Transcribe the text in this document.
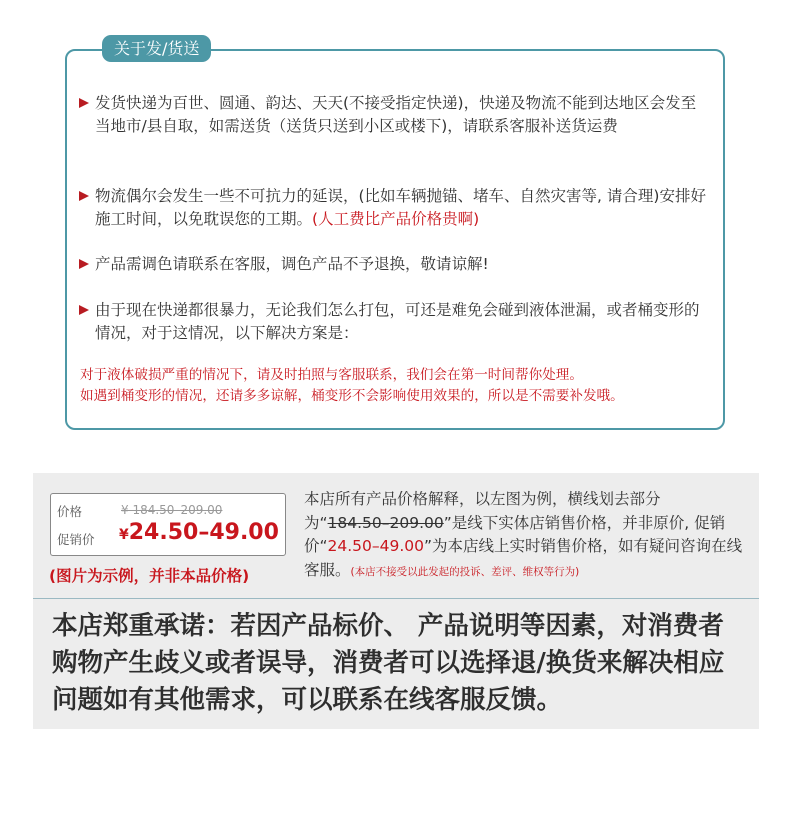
关于发/货送
发货快递为百世、圆通、韵达、天天(不接受指定快递)，快递及物流不能到达地区会发至当地市/县自取，如需送货（送货只送到小区或楼下)，请联系客服补送货运费
物流偶尔会发生一些不可抗力的延误，(比如车辆抛锚、堵车、自然灾害等, 请合理)安排好施工时间，以免耽误您的工期。(人工费比产品价格贵啊)
产品需调色请联系在客服，调色产品不予退换，敬请谅解!
由于现在快递都很暴力，无论我们怎么打包，可还是难免会碰到液体泄漏，或者桶变形的情况，对于这情况，以下解决方案是：
对于液体破损严重的情况下，请及时拍照与客服联系，我们会在第一时间帮你处理。
如遇到桶变形的情况，还请多多谅解，桶变形不会影响使用效果的，所以是不需要补发哦。
价格	¥ 184.50–209.00
促销价 ¥24.50–49.00
(图片为示例，并非本品价格)
本店所有产品价格解释，以左图为例，横线划去部分为“184.50–209.00”是线下实体店销售价格，并非原价, 促销价“24.50–49.00”为本店线上实时销售价格，如有疑问咨询在线客服。(本店不接受以此发起的投诉、差评、维权等行为)
本店郑重承诺：若因产品标价、 产品说明等因素，对消费者购物产生歧义或者误导，消费者可以选择退/换货来解决相应问题如有其他需求，可以联系在线客服反馈。
